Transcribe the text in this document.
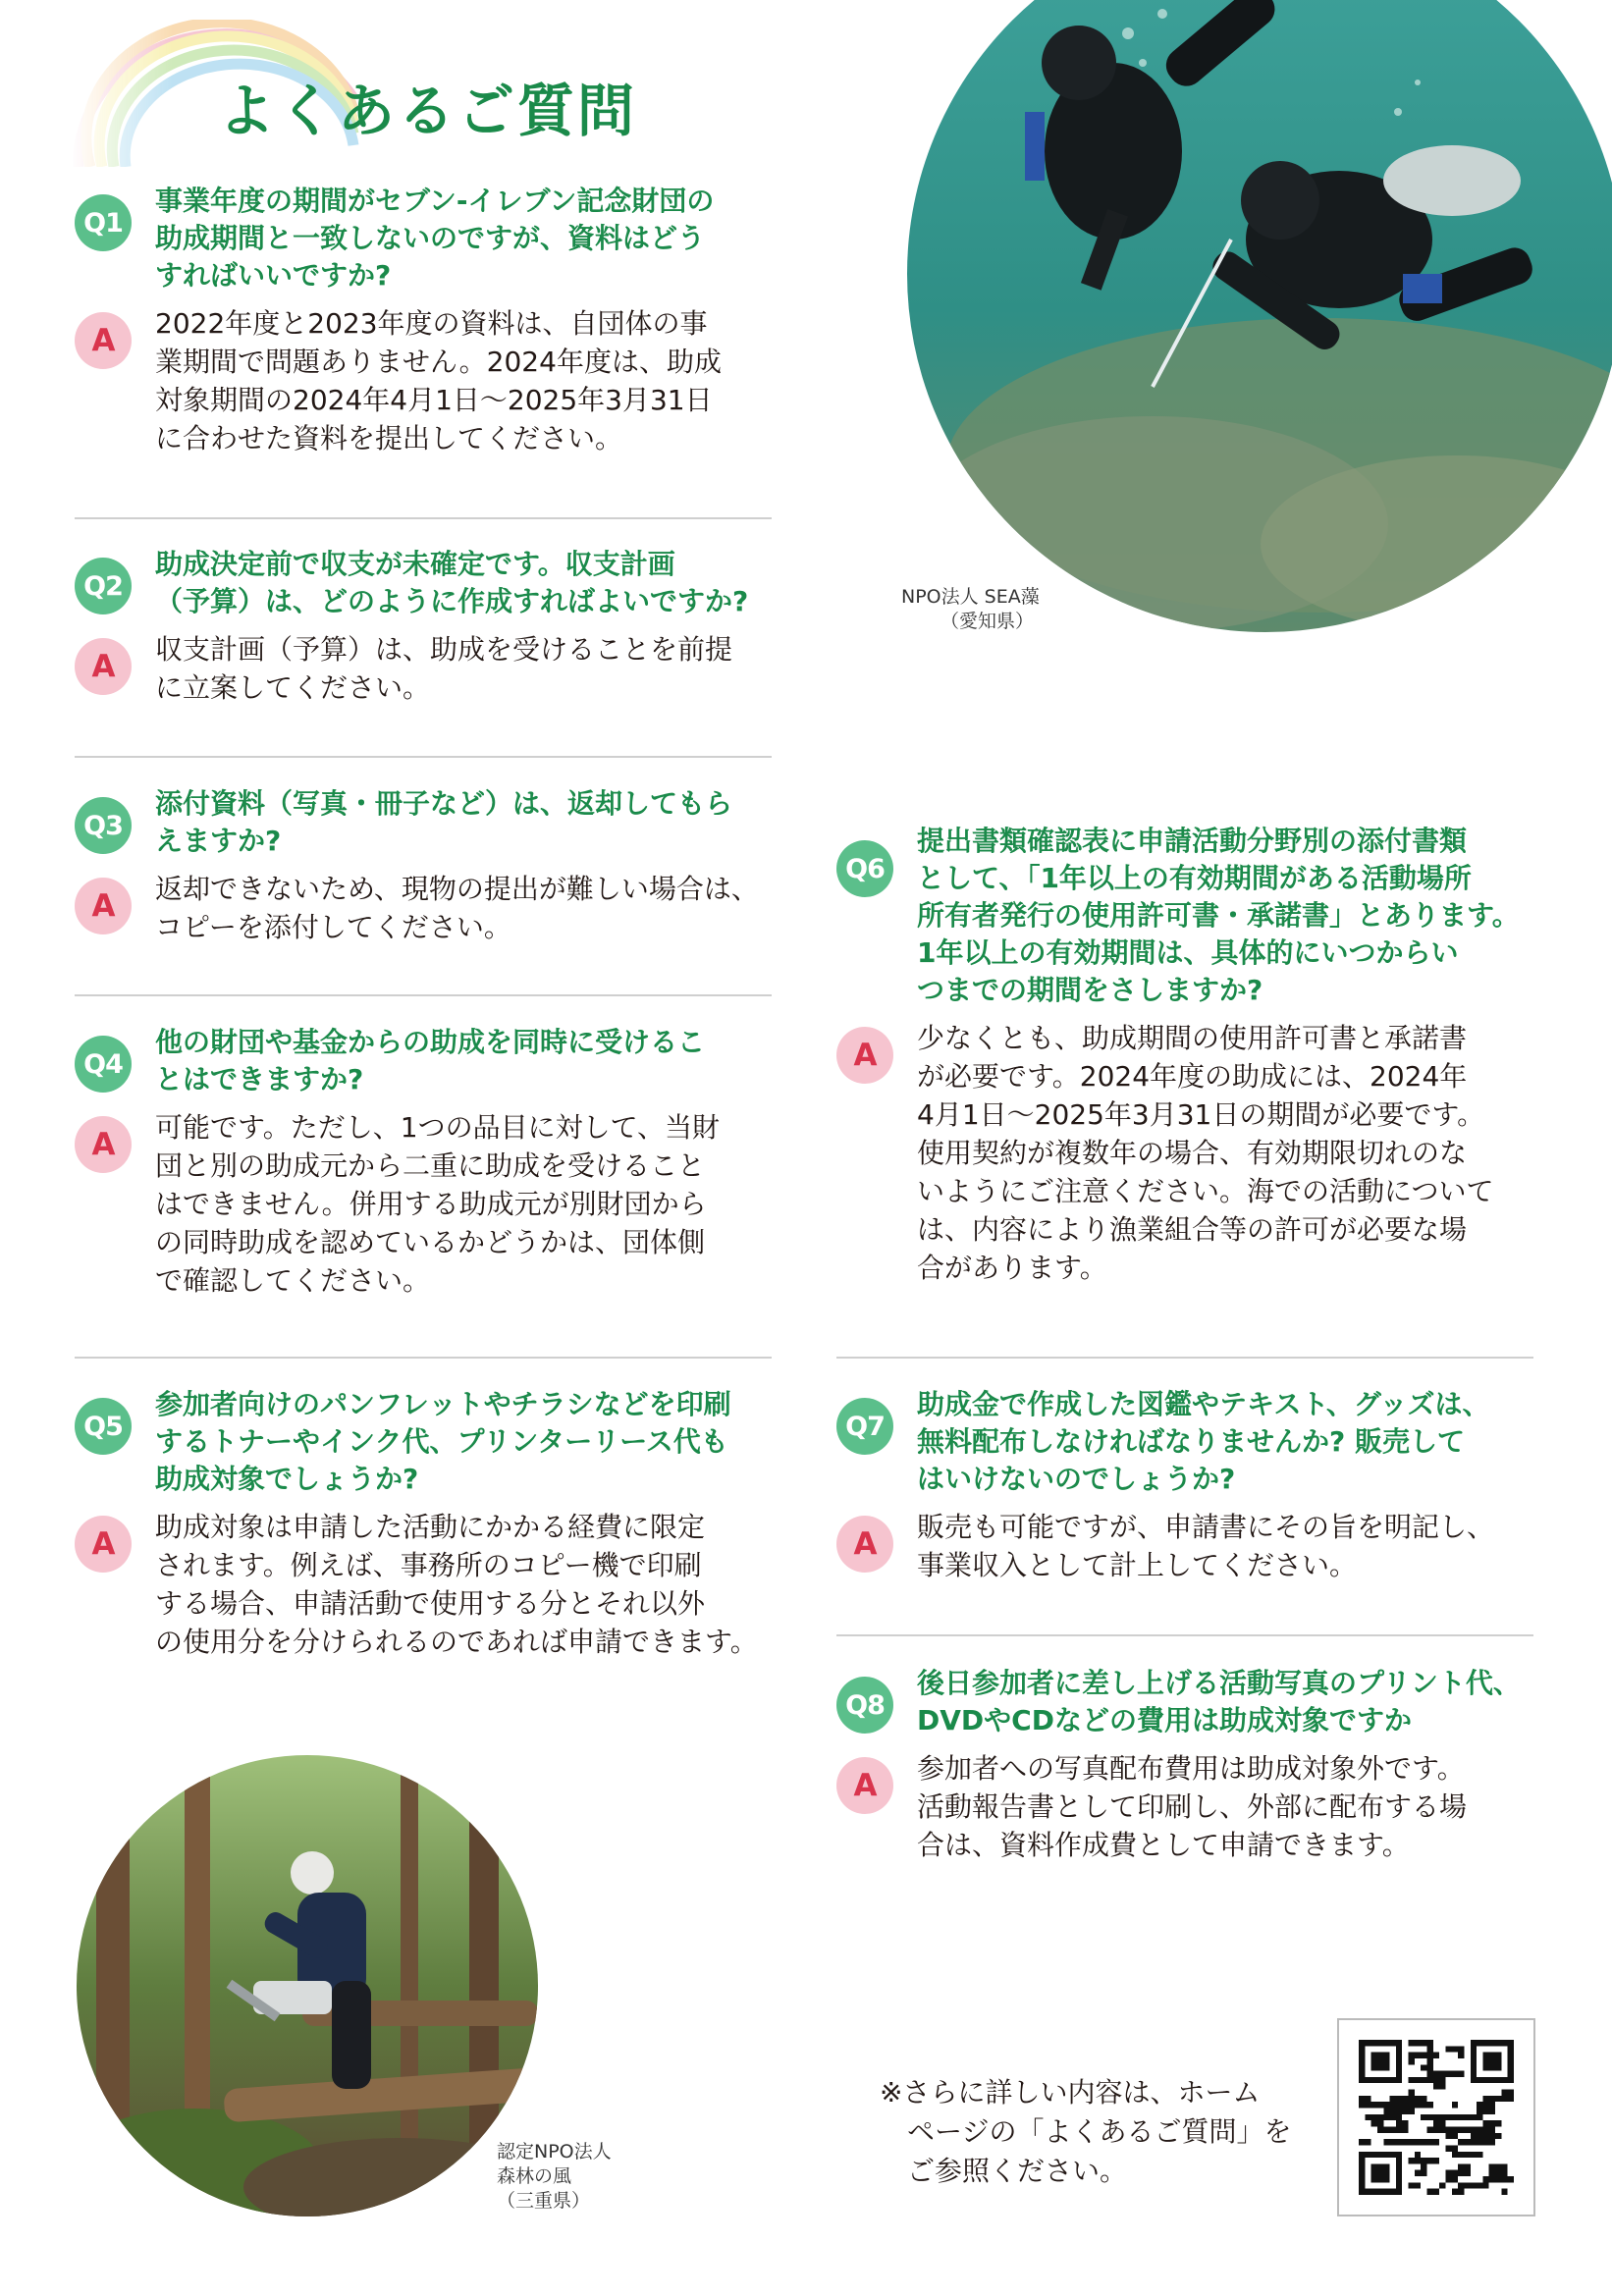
よくあるご質問
NPO法人 SEA藻
（愛知県）
Q1
事業年度の期間がセブン-イレブン記念財団の
助成期間と一致しないのですが、資料はどう
すればいいですか?
A	2022年度と2023年度の資料は、自団体の事
業期間で問題ありません。2024年度は、助成
対象期間の2024年4月1日～2025年3月31日
に合わせた資料を提出してください。
Q2
助成決定前で収支が未確定です。収支計画
（予算）は、どのように作成すればよいですか?
A	収支計画（予算）は、助成を受けることを前提
に立案してください。
Q3
添付資料（写真・冊子など）は、返却してもら
えますか?
A	返却できないため、現物の提出が難しい場合は、
コピーを添付してください。
Q4
他の財団や基金からの助成を同時に受けるこ
とはできますか?
A	可能です。ただし、1つの品目に対して、当財
団と別の助成元から二重に助成を受けること
はできません。併用する助成元が別財団から
の同時助成を認めているかどうかは、団体側
で確認してください。
Q5
参加者向けのパンフレットやチラシなどを印刷
するトナーやインク代、プリンターリース代も
助成対象でしょうか?
A	助成対象は申請した活動にかかる経費に限定
されます。例えば、事務所のコピー機で印刷
する場合、申請活動で使用する分とそれ以外
の使用分を分けられるのであれば申請できます。
Q6
提出書類確認表に申請活動分野別の添付書類
として、「1年以上の有効期間がある活動場所
所有者発行の使用許可書・承諾書」とあります。
1年以上の有効期間は、具体的にいつからい
つまでの期間をさしますか?
A	少なくとも、助成期間の使用許可書と承諾書
が必要です。2024年度の助成には、2024年
4月1日～2025年3月31日の期間が必要です。
使用契約が複数年の場合、有効期限切れのな
いようにご注意ください。海での活動について
は、内容により漁業組合等の許可が必要な場
合があります。
Q7
助成金で作成した図鑑やテキスト、グッズは、
無料配布しなければなりませんか? 販売して
はいけないのでしょうか?
A	販売も可能ですが、申請書にその旨を明記し、
事業収入として計上してください。
Q8
後日参加者に差し上げる活動写真のプリント代、
DVDやCDなどの費用は助成対象ですか
A	参加者への写真配布費用は助成対象外です。
活動報告書として印刷し、外部に配布する場
合は、資料作成費として申請できます。
認定NPO法人
森林の風
（三重県）
※さらに詳しい内容は、ホーム
　ページの「よくあるご質問」を
　ご参照ください。
